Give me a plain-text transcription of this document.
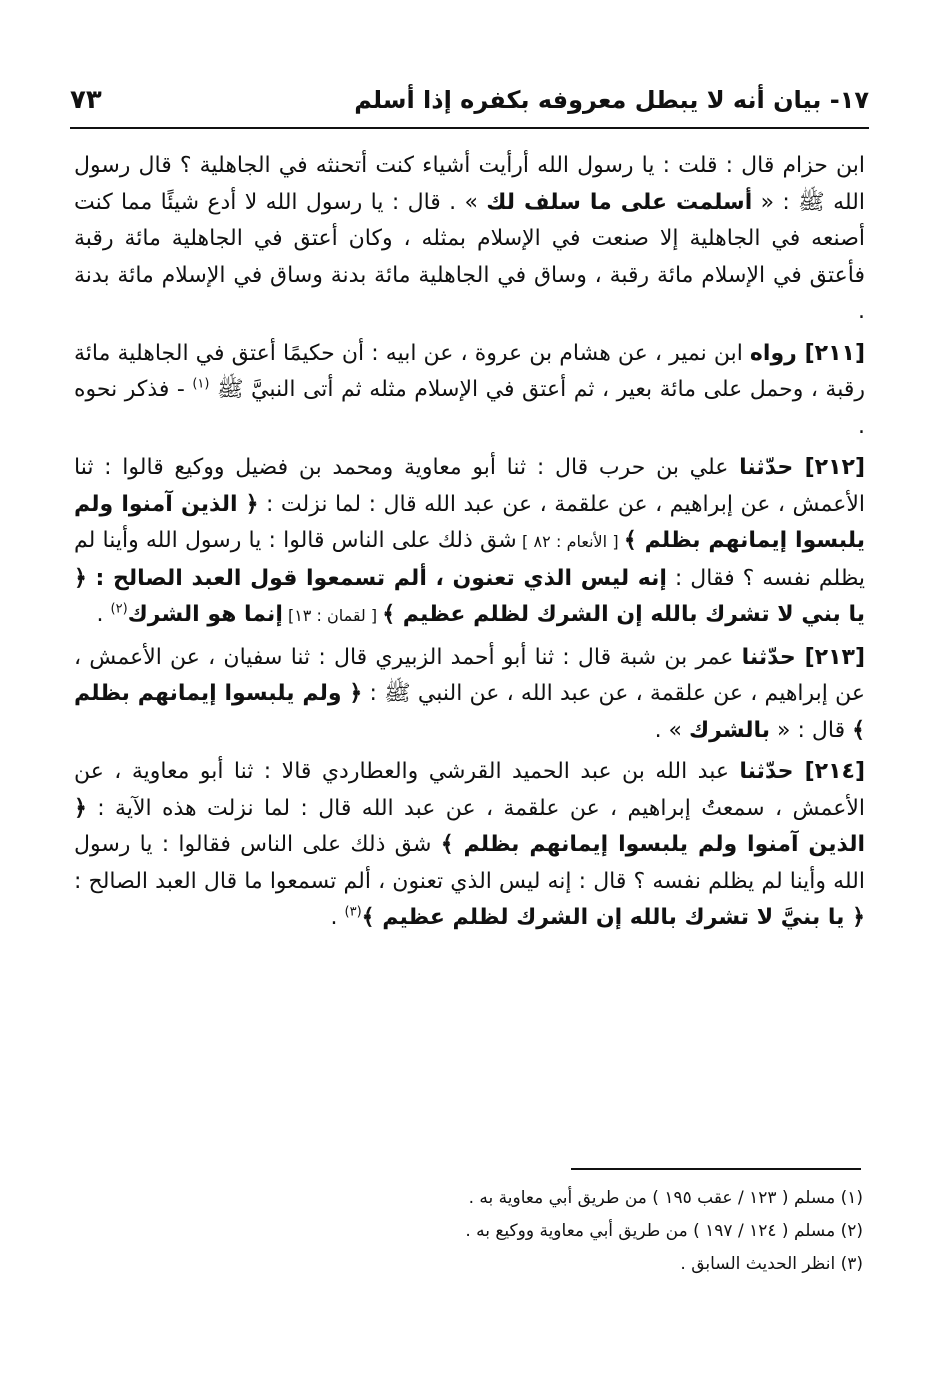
١٧- بيان أنه لا يبطل معروفه بكفره إذا أسلم
٧٣

ابن حزام قال : قلت : يا رسول الله أرأيت أشياء كنت أتحنثه في الجاهلية ؟ قال رسول الله ﷺ : « أسلمت على ما سلف لك » . قال : يا رسول الله لا أدع شيئًا مما كنت أصنعه في الجاهلية إلا صنعت في الإسلام بمثله ، وكان أعتق في الجاهلية مائة رقبة فأعتق في الإسلام مائة رقبة ، وساق في الجاهلية مائة بدنة وساق في الإسلام مائة بدنة .

[٢١١] رواه ابن نمير ، عن هشام بن عروة ، عن ابيه : أن حكيمًا أعتق في الجاهلية مائة رقبة ، وحمل على مائة بعير ، ثم أعتق في الإسلام مثله ثم أتى النبيَّ ﷺ $^{(١)}$ - فذكر نحوه .

[٢١٢] حدّثنا علي بن حرب قال : ثنا أبو معاوية ومحمد بن فضيل ووكيع قالوا : ثنا الأعمش ، عن إبراهيم ، عن علقمة ، عن عبد الله قال : لما نزلت : ﴿ الذين آمنوا ولم يلبسوا إيمانهم بظلم ﴾ [ الأنعام : ٨٢ ] شق ذلك على الناس قالوا : يا رسول الله وأينا لم يظلم نفسه ؟ فقال : إنه ليس الذي تعنون ، ألم تسمعوا قول العبد الصالح : ﴿ يا بني لا تشرك بالله إن الشرك لظلم عظيم ﴾ [ لقمان : ١٣] إنما هو الشرك$^{(٢)}$ .

[٢١٣] حدّثنا عمر بن شبة قال : ثنا أبو أحمد الزبيري قال : ثنا سفيان ، عن الأعمش ، عن إبراهيم ، عن علقمة ، عن عبد الله ، عن النبي ﷺ : ﴿ ولم يلبسوا إيمانهم بظلم ﴾ قال : « بالشرك » .

[٢١٤] حدّثنا عبد الله بن عبد الحميد القرشي والعطاردي قالا : ثنا أبو معاوية ، عن الأعمش ، سمعتُ إبراهيم ، عن علقمة ، عن عبد الله قال : لما نزلت هذه الآية : ﴿ الذين آمنوا ولم يلبسوا إيمانهم بظلم ﴾ شق ذلك على الناس فقالوا : يا رسول الله وأينا لم يظلم نفسه ؟ قال : إنه ليس الذي تعنون ، ألم تسمعوا ما قال العبد الصالح : ﴿ يا بنيَّ لا تشرك بالله إن الشرك لظلم عظيم ﴾$^{(٣)}$ .

(١) مسلم ( ١٢٣ / عقب ١٩٥ ) من طريق أبي معاوية به .

(٢) مسلم ( ١٢٤ / ١٩٧ ) من طريق أبي معاوية ووكيع به .

(٣) انظر الحديث السابق .
